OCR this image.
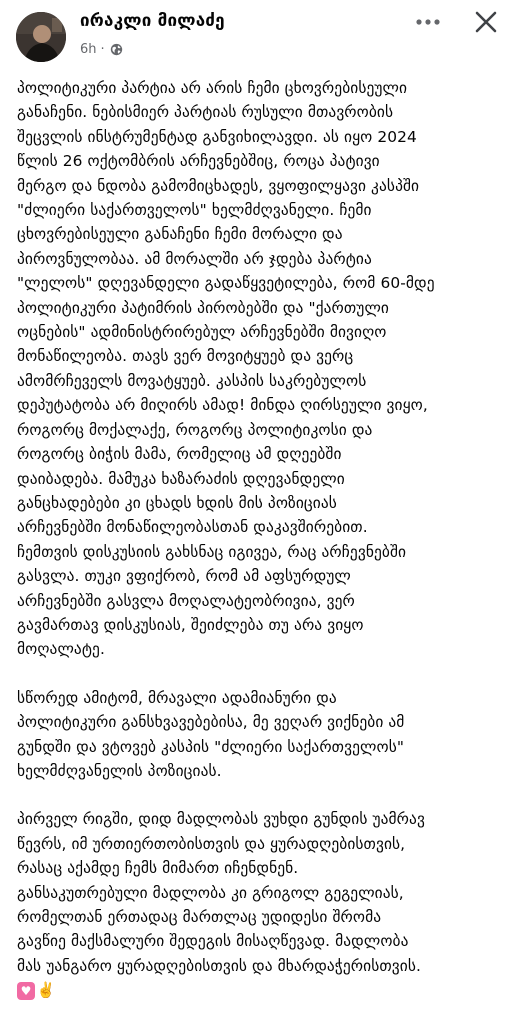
ირაკლი მილაძე
6h ·

პოლიტიკური პარტია არ არის ჩემი ცხოვრებისეული
განაჩენი. ნებისმიერ პარტიას რუსული მთავრობის
შეცვლის ინსტრუმენტად განვიხილავდი. ას იყო 2024
წლის 26 ოქტომბრის არჩევნებშიც, როცა პატივი
მერგო და ნდობა გამომიცხადეს, ვყოფილყავი კასპში
"ძლიერი საქართველოს" ხელმძღვანელი. ჩემი
ცხოვრებისეული განაჩენი ჩემი მორალი და
პიროვნულობაა. ამ მორალში არ ჯდება პარტია
"ლელოს" დღევანდელი გადაწყვეტილება, რომ 60-მდე
პოლიტიკური პატიმრის პირობებში და "ქართული
ოცნების" ადმინისტრირებულ არჩევნებში მივიღო
მონაწილეობა. თავს ვერ მოვიტყუებ და ვერც
ამომრჩეველს მოვატყუებ. კასპის საკრებულოს
დეპუტატობა არ მიღირს ამად! მინდა ღირსეული ვიყო,
როგორც მოქალაქე, როგორც პოლიტიკოსი და
როგორც ბიჭის მამა, რომელიც ამ დღეებში
დაიბადება. მამუკა ხაზარაძის დღევანდელი
განცხადებები კი ცხადს ხდის მის პოზიციას
არჩევნებში მონაწილეობასთან დაკავშირებით.
ჩემთვის დისკუსიის გახსნაც იგივეა, რაც არჩევნებში
გასვლა. თუკი ვფიქრობ, რომ ამ აფსურდულ
არჩევნებში გასვლა მოღალატეობრივია, ვერ
გავმართავ დისკუსიას, შეიძლება თუ არა ვიყო
მოღალატე.

სწორედ ამიტომ, მრავალი ადამიანური და
პოლიტიკური განსხვავებებისა, მე ვეღარ ვიქნები ამ
გუნდში და ვტოვებ კასპის "ძლიერი საქართველოს"
ხელმძღვანელის პოზიციას.

პირველ რიგში, დიდ მადლობას ვუხდი გუნდის უამრავ
წევრს, იმ ურთიერთობისთვის და ყურადღებისთვის,
რასაც აქამდე ჩემს მიმართ იჩენდნენ.
განსაკუთრებული მადლობა კი გრიგოლ გეგელიას,
რომელთან ერთადაც მართლაც უდიდესი შრომა
გავწიე მაქსმალური შედეგის მისაღწევად. მადლობა
მას უანგარო ყურადღებისთვის და მხარდაჭერისთვის.

♥ ✌️
